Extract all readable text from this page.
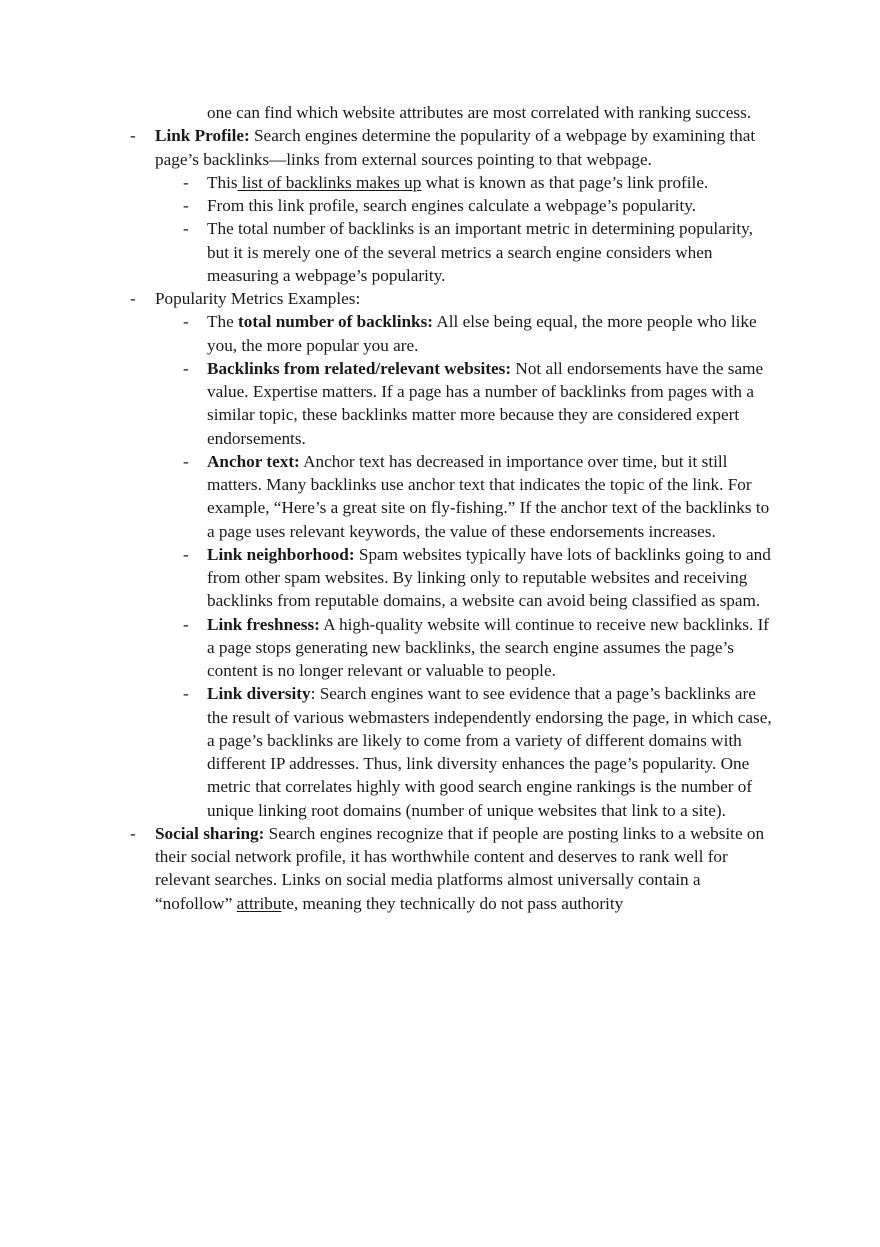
one can find which website attributes are most correlated with ranking success.
- Link Profile: Search engines determine the popularity of a webpage by examining that page’s backlinks—links from external sources pointing to that webpage.
- This list of backlinks makes up what is known as that page’s link profile.
- From this link profile, search engines calculate a webpage’s popularity.
- The total number of backlinks is an important metric in determining popularity, but it is merely one of the several metrics a search engine considers when measuring a webpage’s popularity.
- Popularity Metrics Examples:
- The total number of backlinks: All else being equal, the more people who like you, the more popular you are.
- Backlinks from related/relevant websites: Not all endorsements have the same value. Expertise matters. If a page has a number of backlinks from pages with a similar topic, these backlinks matter more because they are considered expert endorsements.
- Anchor text: Anchor text has decreased in importance over time, but it still matters. Many backlinks use anchor text that indicates the topic of the link. For example, “Here’s a great site on fly-fishing.” If the anchor text of the backlinks to a page uses relevant keywords, the value of these endorsements increases.
- Link neighborhood: Spam websites typically have lots of backlinks going to and from other spam websites. By linking only to reputable websites and receiving backlinks from reputable domains, a website can avoid being classified as spam.
- Link freshness: A high-quality website will continue to receive new backlinks. If a page stops generating new backlinks, the search engine assumes the page’s content is no longer relevant or valuable to people.
- Link diversity: Search engines want to see evidence that a page’s backlinks are the result of various webmasters independently endorsing the page, in which case, a page’s backlinks are likely to come from a variety of different domains with different IP addresses. Thus, link diversity enhances the page’s popularity. One metric that correlates highly with good search engine rankings is the number of unique linking root domains (number of unique websites that link to a site).
- Social sharing: Search engines recognize that if people are posting links to a website on their social network profile, it has worthwhile content and deserves to rank well for relevant searches. Links on social media platforms almost universally contain a “nofollow” attribute, meaning they technically do not pass authority
